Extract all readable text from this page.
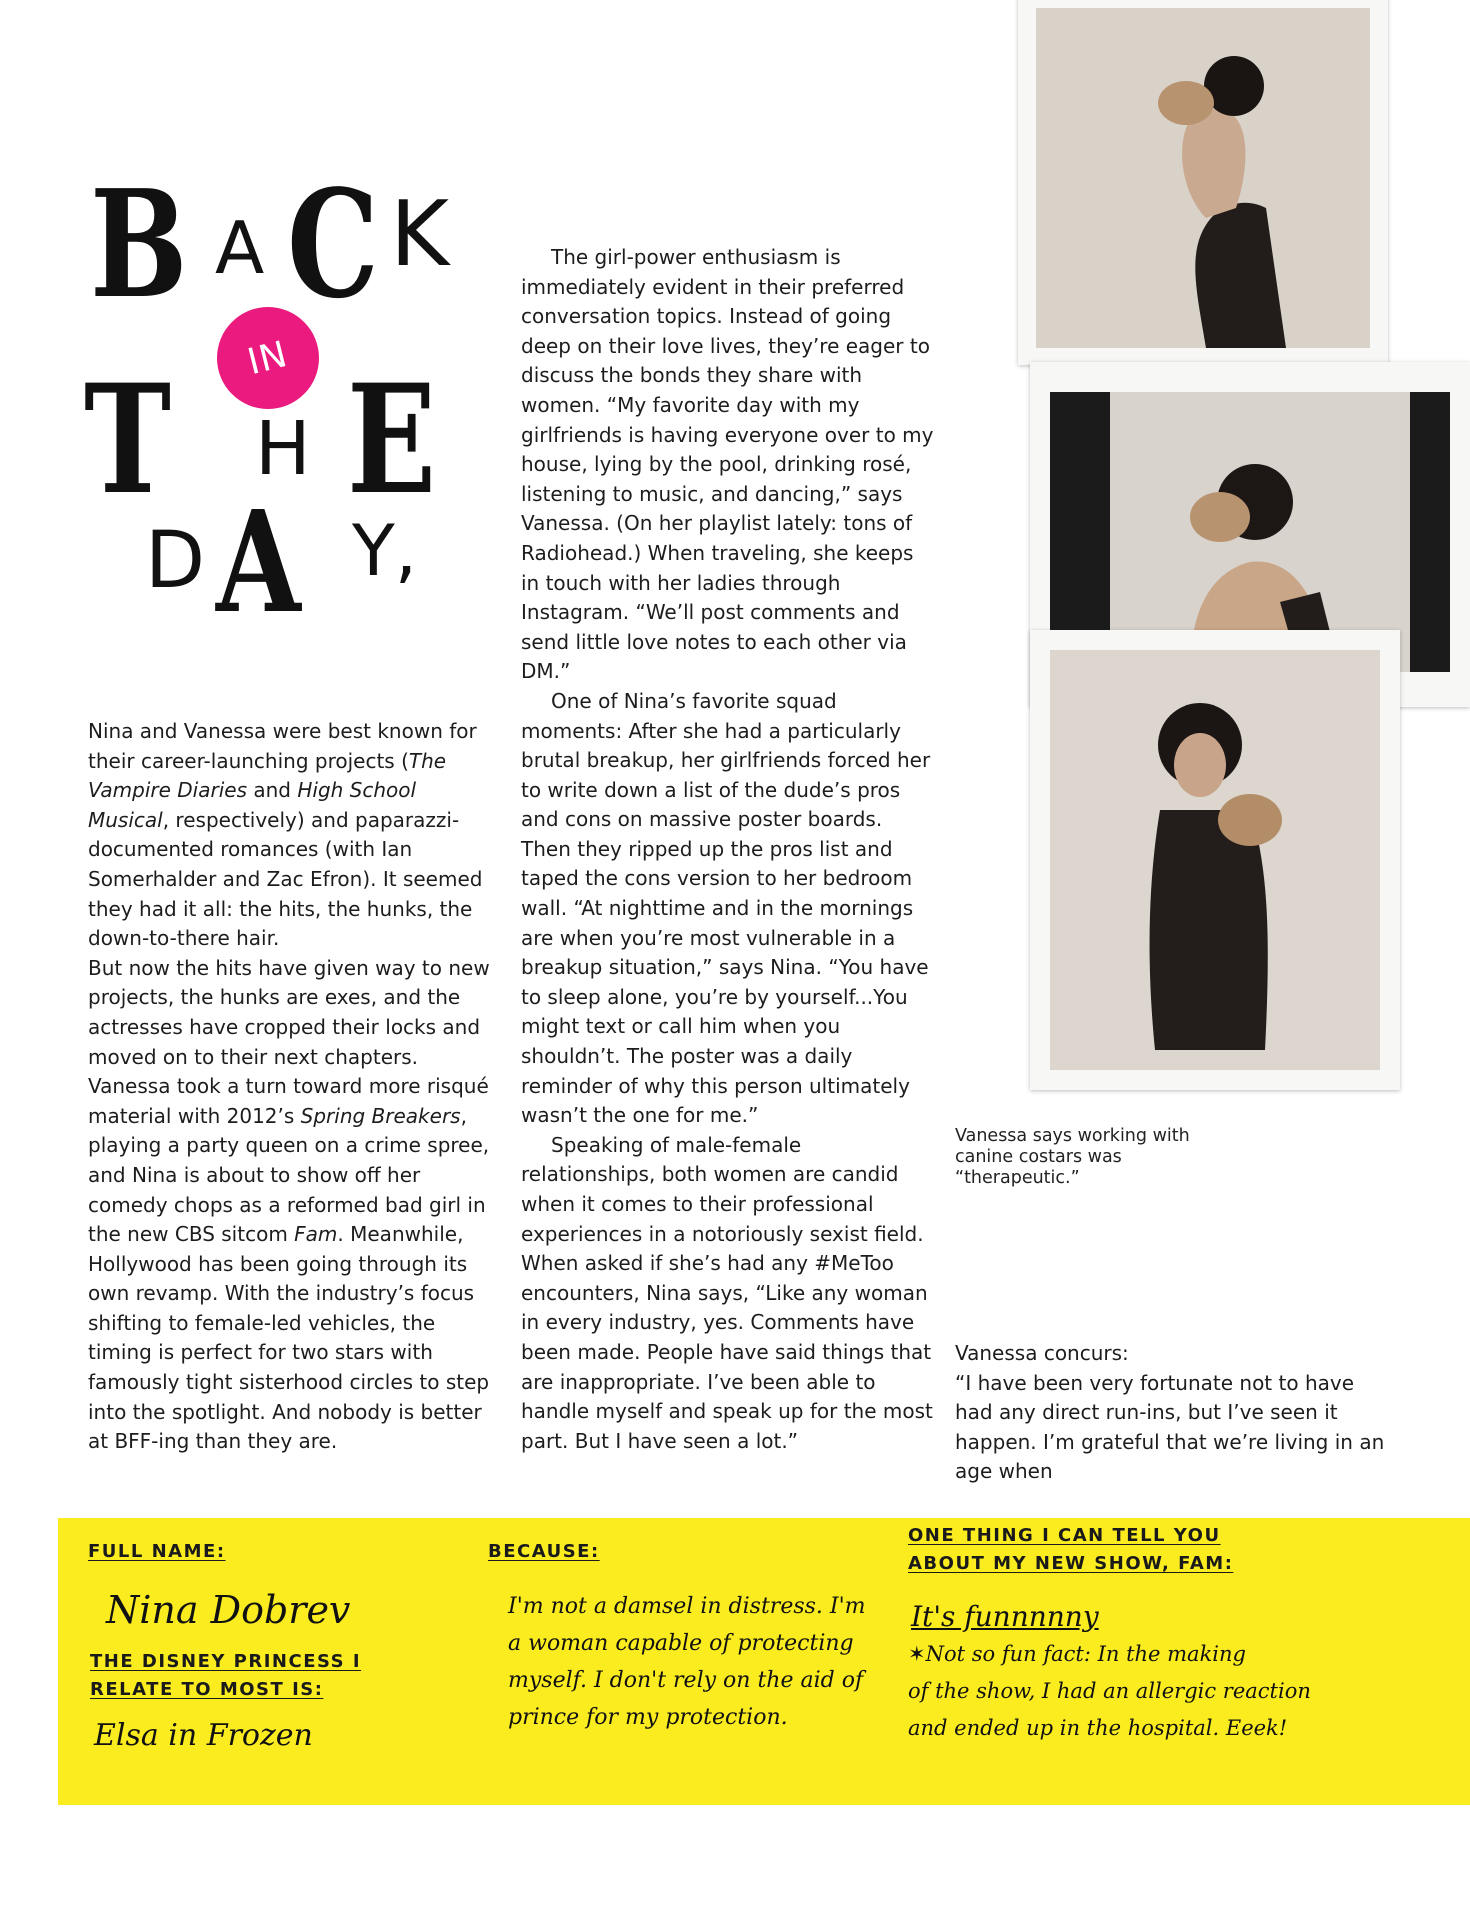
B A C K
IN
T H E
D A Y,

Nina and Vanessa were best known for their career-launching projects (The Vampire Diaries and High School Musical, respectively) and paparazzi-documented romances (with Ian Somerhalder and Zac Efron). It seemed they had it all: the hits, the hunks, the down-to-there hair.

But now the hits have given way to new projects, the hunks are exes, and the actresses have cropped their locks and moved on to their next chapters. Vanessa took a turn toward more risqué material with 2012’s Spring Breakers, playing a party queen on a crime spree, and Nina is about to show off her comedy chops as a reformed bad girl in the new CBS sitcom Fam. Meanwhile, Hollywood has been going through its own revamp. With the industry’s focus shifting to female-led vehicles, the timing is perfect for two stars with famously tight sisterhood circles to step into the spotlight. And nobody is better at BFF-ing than they are.

The girl-power enthusiasm is immediately evident in their preferred conversation topics. Instead of going deep on their love lives, they’re eager to discuss the bonds they share with women. “My favorite day with my girlfriends is having everyone over to my house, lying by the pool, drinking rosé, listening to music, and dancing,” says Vanessa. (On her playlist lately: tons of Radiohead.) When traveling, she keeps in touch with her ladies through Instagram. “We’ll post comments and send little love notes to each other via DM.”

One of Nina’s favorite squad moments: After she had a particularly brutal breakup, her girlfriends forced her to write down a list of the dude’s pros and cons on massive poster boards. Then they ripped up the pros list and taped the cons version to her bedroom wall. “At nighttime and in the mornings are when you’re most vulnerable in a breakup situation,” says Nina. “You have to sleep alone, you’re by yourself...You might text or call him when you shouldn’t. The poster was a daily reminder of why this person ultimately wasn’t the one for me.”

Speaking of male-female relationships, both women are candid when it comes to their professional experiences in a notoriously sexist field. When asked if she’s had any #MeToo encounters, Nina says, “Like any woman in every industry, yes. Comments have been made. People have said things that are inappropriate. I’ve been able to handle myself and speak up for the most part. But I have seen a lot.”

Vanessa says working with canine costars was “therapeutic.”

Vanessa concurs:

“I have been very fortunate not to have had any direct run-ins, but I’ve seen it happen. I’m grateful that we’re living in an age when

FULL NAME:
Nina Dobrev
THE DISNEY PRINCESS I
RELATE TO MOST IS:
Elsa in Frozen
BECAUSE:
I'm not a damsel in distress. I'm
a woman capable of protecting
myself. I don't rely on the aid of
prince for my protection.
ONE THING I CAN TELL YOU
ABOUT MY NEW SHOW, FAM:
It's funnnnny
✶Not so fun fact: In the making
of the show, I had an allergic reaction
and ended up in the hospital. Eeek!
